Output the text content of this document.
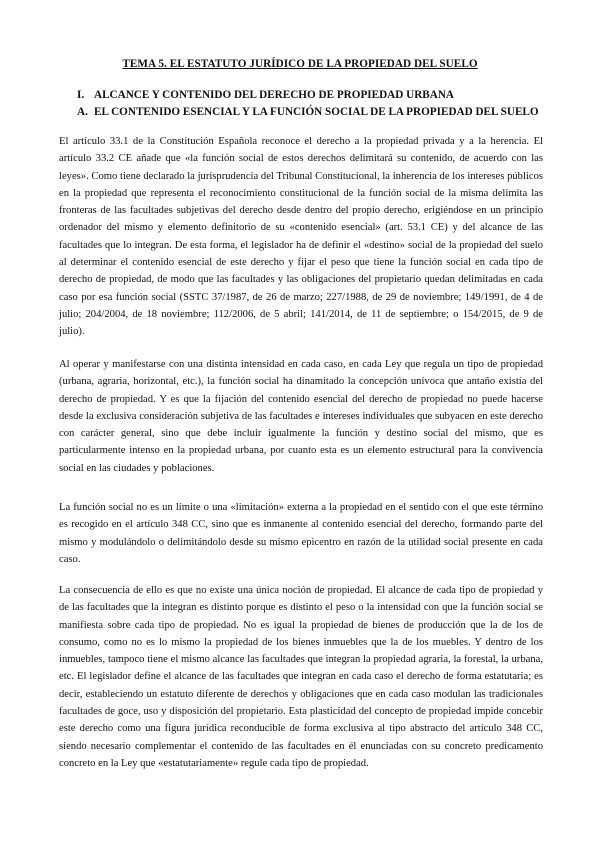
TEMA 5. EL ESTATUTO JURÍDICO DE LA PROPIEDAD DEL SUELO
I. ALCANCE Y CONTENIDO DEL DERECHO DE PROPIEDAD URBANA
A. EL CONTENIDO ESENCIAL Y LA FUNCIÓN SOCIAL DE LA PROPIEDAD DEL SUELO

El artículo 33.1 de la Constitución Española reconoce el derecho a la propiedad privada y a la herencia. El artículo 33.2 CE añade que «la función social de estos derechos delimitará su contenido, de acuerdo con las leyes». Como tiene declarado la jurisprudencia del Tribunal Constitucional, la inherencia de los intereses públicos en la propiedad que representa el reconocimiento constitucional de la función social de la misma delimita las fronteras de las facultades subjetivas del derecho desde dentro del propio derecho, erigiéndose en un principio ordenador del mismo y elemento definitorio de su «contenido esencial» (art. 53.1 CE) y del alcance de las facultades que lo integran. De esta forma, el legislador ha de definir el «destino» social de la propiedad del suelo al determinar el contenido esencial de este derecho y fijar el peso que tiene la función social en cada tipo de derecho de propiedad, de modo que las facultades y las obligaciones del propietario quedan delimitadas en cada caso por esa función social (SSTC 37/1987, de 26 de marzo; 227/1988, de 29 de noviembre; 149/1991, de 4 de julio; 204/2004, de 18 noviembre; 112/2006, de 5 abril; 141/2014, de 11 de septiembre; o 154/2015, de 9 de julio).

Al operar y manifestarse con una distinta intensidad en cada caso, en cada Ley que regula un tipo de propiedad (urbana, agraria, horizontal, etc.), la función social ha dinamitado la concepción unívoca que antaño existía del derecho de propiedad. Y es que la fijación del contenido esencial del derecho de propiedad no puede hacerse desde la exclusiva consideración subjetiva de las facultades e intereses individuales que subyacen en este derecho con carácter general, sino que debe incluir igualmente la función y destino social del mismo, que es particularmente intenso en la propiedad urbana, por cuanto esta es un elemento estructural para la convivencia social en las ciudades y poblaciones.

La función social no es un límite o una «limitación» externa a la propiedad en el sentido con el que este término es recogido en el artículo 348 CC, sino que es inmanente al contenido esencial del derecho, formando parte del mismo y modulándolo o delimitándolo desde su mismo epicentro en razón de la utilidad social presente en cada caso.

La consecuencia de ello es que no existe una única noción de propiedad. El alcance de cada tipo de propiedad y de las facultades que la integran es distinto porque es distinto el peso o la intensidad con que la función social se manifiesta sobre cada tipo de propiedad. No es igual la propiedad de bienes de producción que la de los de consumo, como no es lo mismo la propiedad de los bienes inmuebles que la de los muebles. Y dentro de los inmuebles, tampoco tiene el mismo alcance las facultades que integran la propiedad agraria, la forestal, la urbana, etc. El legislador define el alcance de las facultades que integran en cada caso el derecho de forma estatutaria; es decir, estableciendo un estatuto diferente de derechos y obligaciones que en cada caso modulan las tradicionales facultades de goce, uso y disposición del propietario. Esta plasticidad del concepto de propiedad impide concebir este derecho como una figura jurídica reconducible de forma exclusiva al tipo abstracto del artículo 348 CC, siendo necesario complementar el contenido de las facultades en él enunciadas con su concreto predicamento concreto en la Ley que «estatutariamente» regule cada tipo de propiedad.
